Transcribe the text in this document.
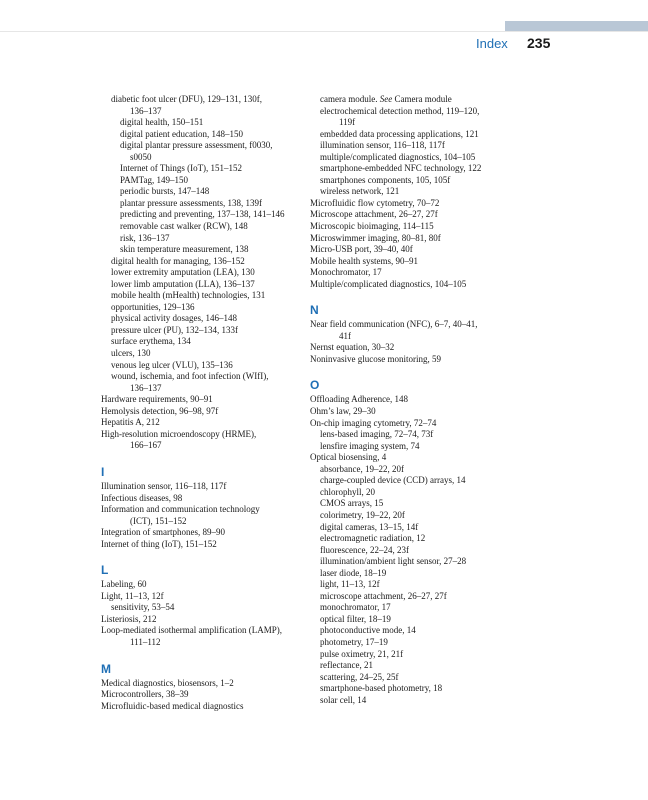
Index 235
diabetic foot ulcer (DFU), 129–131, 130f,
136–137
digital health, 150–151
digital patient education, 148–150
digital plantar pressure assessment, f0030,
s0050
Internet of Things (IoT), 151–152
PAMTag, 149–150
periodic bursts, 147–148
plantar pressure assessments, 138, 139f
predicting and preventing, 137–138, 141–146
removable cast walker (RCW), 148
risk, 136–137
skin temperature measurement, 138
digital health for managing, 136–152
lower extremity amputation (LEA), 130
lower limb amputation (LLA), 136–137
mobile health (mHealth) technologies, 131
opportunities, 129–136
physical activity dosages, 146–148
pressure ulcer (PU), 132–134, 133f
surface erythema, 134
ulcers, 130
venous leg ulcer (VLU), 135–136
wound, ischemia, and foot infection (WIfI),
136–137
Hardware requirements, 90–91
Hemolysis detection, 96–98, 97f
Hepatitis A, 212
High-resolution microendoscopy (HRME),
166–167
I
Illumination sensor, 116–118, 117f
Infectious diseases, 98
Information and communication technology
(ICT), 151–152
Integration of smartphones, 89–90
Internet of thing (IoT), 151–152
L
Labeling, 60
Light, 11–13, 12f
sensitivity, 53–54
Listeriosis, 212
Loop-mediated isothermal amplification (LAMP),
111–112
M
Medical diagnostics, biosensors, 1–2
Microcontrollers, 38–39
Microfluidic-based medical diagnostics
camera module. See Camera module
electrochemical detection method, 119–120,
119f
embedded data processing applications, 121
illumination sensor, 116–118, 117f
multiple/complicated diagnostics, 104–105
smartphone-embedded NFC technology, 122
smartphones components, 105, 105f
wireless network, 121
Microfluidic flow cytometry, 70–72
Microscope attachment, 26–27, 27f
Microscopic bioimaging, 114–115
Microswimmer imaging, 80–81, 80f
Micro-USB port, 39–40, 40f
Mobile health systems, 90–91
Monochromator, 17
Multiple/complicated diagnostics, 104–105
N
Near field communication (NFC), 6–7, 40–41,
41f
Nernst equation, 30–32
Noninvasive glucose monitoring, 59
O
Offloading Adherence, 148
Ohm’s law, 29–30
On-chip imaging cytometry, 72–74
lens-based imaging, 72–74, 73f
lensfire imaging system, 74
Optical biosensing, 4
absorbance, 19–22, 20f
charge-coupled device (CCD) arrays, 14
chlorophyll, 20
CMOS arrays, 15
colorimetry, 19–22, 20f
digital cameras, 13–15, 14f
electromagnetic radiation, 12
fluorescence, 22–24, 23f
illumination/ambient light sensor, 27–28
laser diode, 18–19
light, 11–13, 12f
microscope attachment, 26–27, 27f
monochromator, 17
optical filter, 18–19
photoconductive mode, 14
photometry, 17–19
pulse oximetry, 21, 21f
reflectance, 21
scattering, 24–25, 25f
smartphone-based photometry, 18
solar cell, 14
